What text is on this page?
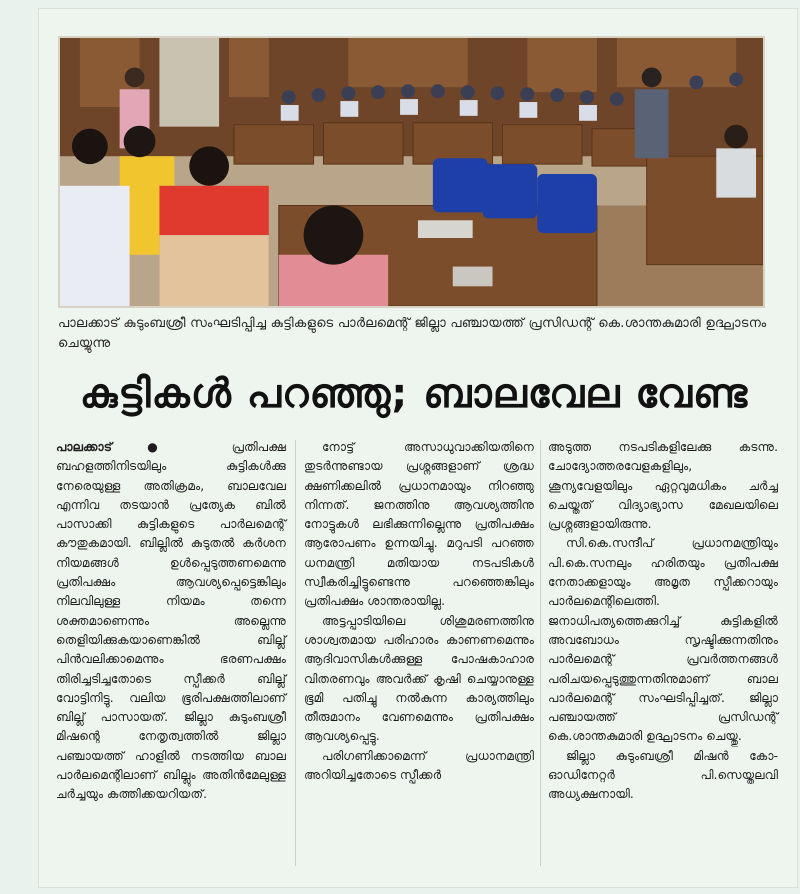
പാലക്കാട് കുടുംബശ്രീ സംഘടിപ്പിച്ച കുട്ടികളുടെ പാർലമെന്റ് ജില്ലാ പഞ്ചായത്ത് പ്രസിഡന്റ് കെ.ശാന്തകുമാരി ഉദ്ഘാടനം ചെയ്യുന്നു
കുട്ടികൾ പറഞ്ഞു; ബാലവേല വേണ്ട

പാലക്കാട്● പ്രതിപക്ഷ ബഹളത്തിനിടയിലും കുട്ടികൾക്കു നേരെയുള്ള അതിക്രമം, ബാലവേല എന്നിവ തടയാൻ പ്രത്യേക ബിൽ പാസാക്കി കുട്ടികളുടെ പാർലമെന്റ് കൗതുകമായി. ബില്ലിൽ കുടുതൽ കർശന നിയമങ്ങൾ ഉൾപ്പെടുത്തണമെന്നു പ്രതിപക്ഷം ആവശ്യപ്പെട്ടെങ്കിലും നിലവിലുള്ള നിയമം തന്നെ ശക്തമാണെന്നും അല്ലെന്നു തെളിയിക്കുകയാണെങ്കിൽ ബില്ല് പിൻവലിക്കാമെന്നും ഭരണപക്ഷം തിരിച്ചടിച്ചതോടെ സ്പീക്കർ ബില്ല് വോട്ടിനിട്ടു. വലിയ ഭൂരിപക്ഷത്തിലാണ് ബില്ല് പാസായത്. ജില്ലാ കുടുംബശ്രീ മിഷന്റെ നേതൃത്വത്തിൽ ജില്ലാ പഞ്ചായത്ത് ഹാളിൽ നടത്തിയ ബാല പാർലമെന്റിലാണ് ബില്ലും അതിൻമേലുള്ള ചർച്ചയും കത്തിക്കയറിയത്.

നോട്ട് അസാധുവാക്കിയതിനെ തുടർന്നുണ്ടായ പ്രശ്നങ്ങളാണ് ശ്രദ്ധ ക്ഷണിക്കലിൽ പ്രധാനമായും നിറഞ്ഞു നിന്നത്. ജനത്തിനു ആവശ്യത്തിനു നോട്ടുകൾ ലഭിക്കുന്നില്ലെന്നു പ്രതിപക്ഷം ആരോപണം ഉന്നയിച്ചു. മറുപടി പറഞ്ഞ ധനമന്ത്രി മതിയായ നടപടികൾ സ്വീകരിച്ചിട്ടുണ്ടെന്നു പറഞ്ഞെങ്കിലും പ്രതിപക്ഷം ശാന്തരായില്ല.

അട്ടപ്പാടിയിലെ ശിശുമരണത്തിനു ശാശ്വതമായ പരിഹാരം കാണണമെന്നും ആദിവാസികൾക്കുള്ള പോഷകാഹാര വിതരണവും അവർക്ക് കൃഷി ചെയ്യാനുള്ള ഭൂമി പതിച്ചു നൽകുന്ന കാര്യത്തിലും തീരുമാനം വേണമെന്നും പ്രതിപക്ഷം ആവശ്യപ്പെട്ടു.

പരിഗണിക്കാമെന്ന് പ്രധാനമന്ത്രി അറിയിച്ചതോടെ സ്പീക്കർ

അടുത്ത നടപടികളിലേക്കു കടന്നു. ചോദ്യോത്തരവേളകളിലും, ശൂന്യവേളയിലും ഏറ്റവുമധികം ചർച്ച ചെയ്തത് വിദ്യാഭ്യാസ മേഖലയിലെ പ്രശ്നങ്ങളായിരുന്നു.

സി.കെ.സന്ദീപ് പ്രധാനമന്ത്രിയും പി.കെ.സനലും ഹരിതയും പ്രതിപക്ഷ നേതാക്കളായും അമൃത സ്പീക്കറായും പാർലമെന്റിലെത്തി. ജനാധിപത്യത്തെക്കുറിച്ച് കുട്ടികളിൽ അവബോധം സൃഷ്ടിക്കുന്നതിനും പാർലമെന്റ് പ്രവർത്തനങ്ങൾ പരിചയപ്പെടുത്തുന്നതിനുമാണ് ബാല പാർലമെന്റ് സംഘടിപ്പിച്ചത്. ജില്ലാ പഞ്ചായത്ത് പ്രസിഡന്റ് കെ.ശാന്തകുമാരി ഉദ്ഘാടനം ചെയ്തു.

ജില്ലാ കുടുംബശ്രീ മിഷൻ കോ-ഓഡിനേറ്റർ പി.സെയ്തലവി അധ്യക്ഷനായി.
